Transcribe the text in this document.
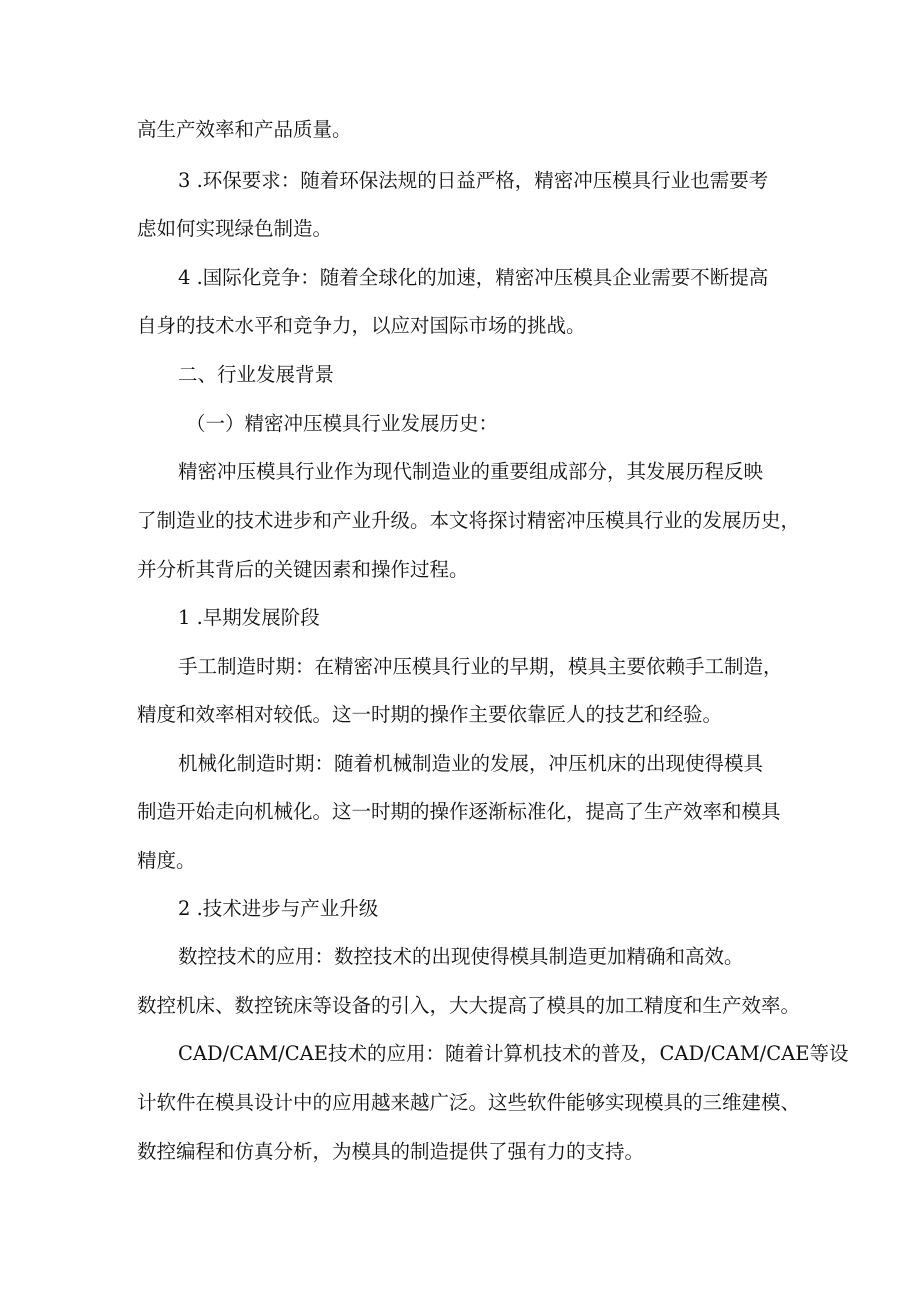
高生产效率和产品质量。
3 .环保要求：随着环保法规的日益严格，精密冲压模具行业也需要考
虑如何实现绿色制造。
4 .国际化竞争：随着全球化的加速，精密冲压模具企业需要不断提高
自身的技术水平和竞争力，以应对国际市场的挑战。
二、行业发展背景
（一）精密冲压模具行业发展历史：
精密冲压模具行业作为现代制造业的重要组成部分，其发展历程反映
了制造业的技术进步和产业升级。本文将探讨精密冲压模具行业的发展历史，
并分析其背后的关键因素和操作过程。
1 .早期发展阶段
手工制造时期：在精密冲压模具行业的早期，模具主要依赖手工制造，
精度和效率相对较低。这一时期的操作主要依靠匠人的技艺和经验。
机械化制造时期：随着机械制造业的发展，冲压机床的出现使得模具
制造开始走向机械化。这一时期的操作逐渐标准化，提高了生产效率和模具
精度。
2 .技术进步与产业升级
数控技术的应用：数控技术的出现使得模具制造更加精确和高效。
数控机床、数控铳床等设备的引入，大大提高了模具的加工精度和生产效率。
CAD/CAM/CAE技术的应用：随着计算机技术的普及，CAD/CAM/CAE等设
计软件在模具设计中的应用越来越广泛。这些软件能够实现模具的三维建模、
数控编程和仿真分析，为模具的制造提供了强有力的支持。
